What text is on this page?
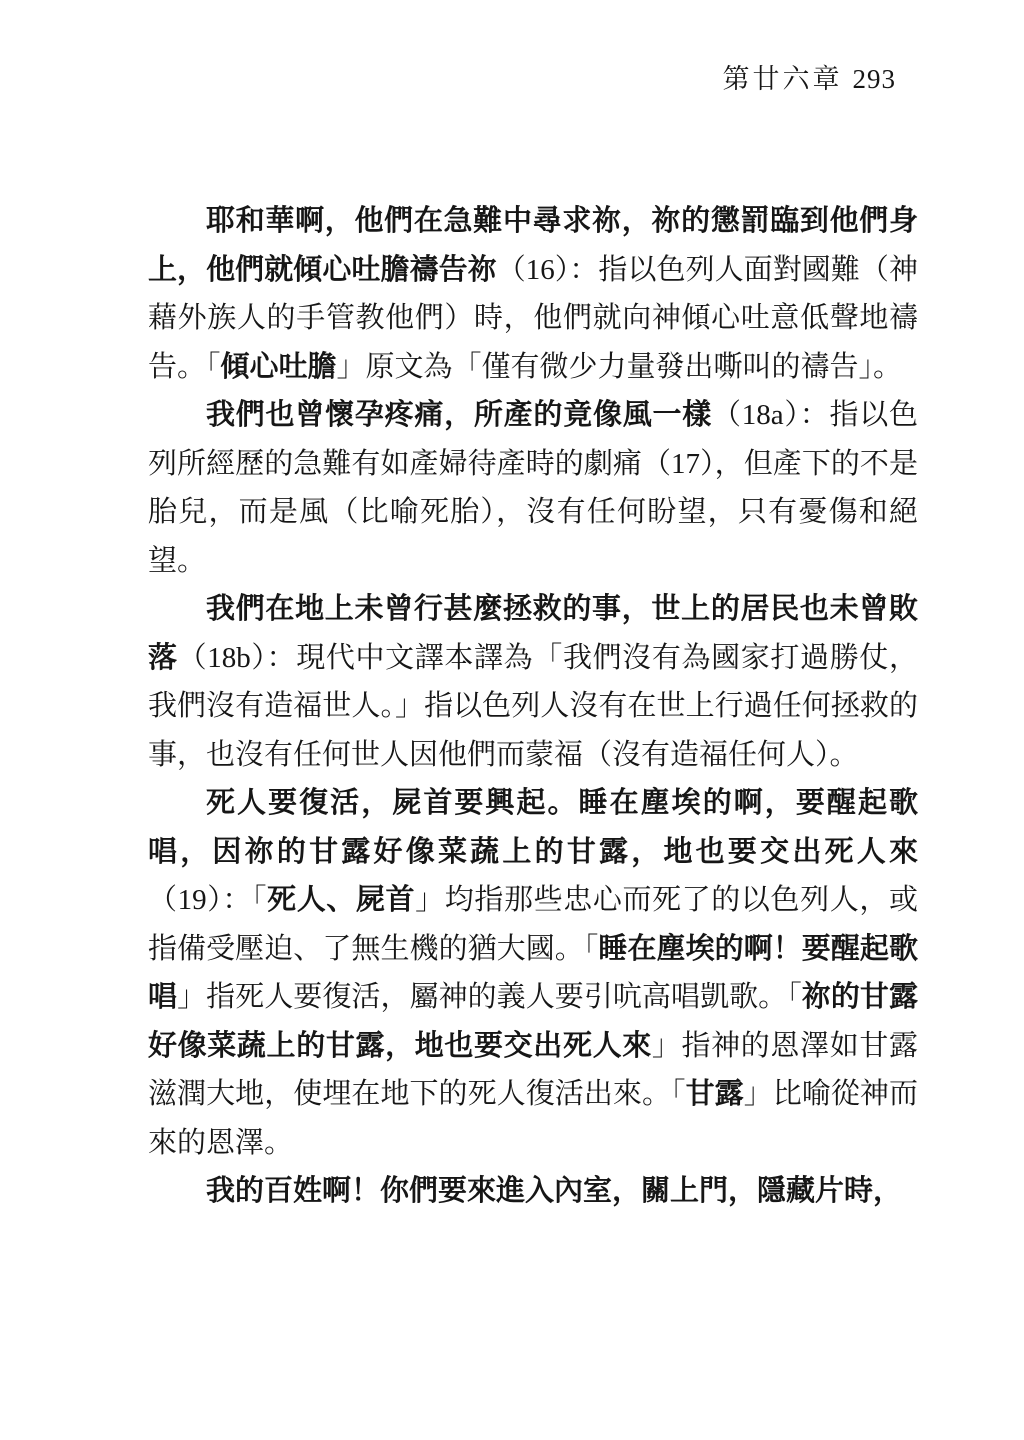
第廿六章 293

耶和華啊，他們在急難中尋求祢，祢的懲罰臨到他們身上，他們就傾心吐膽禱告祢（16）：指以色列人面對國難（神藉外族人的手管教他們）時，他們就向神傾心吐意低聲地禱告。「傾心吐膽」原文為「僅有微少力量發出嘶叫的禱告」。

我們也曾懷孕疼痛，所產的竟像風一樣（18a）：指以色列所經歷的急難有如產婦待產時的劇痛（17），但產下的不是胎兒，而是風（比喻死胎），沒有任何盼望，只有憂傷和絕望。

我們在地上未曾行甚麼拯救的事，世上的居民也未曾敗落（18b）：現代中文譯本譯為「我們沒有為國家打過勝仗，我們沒有造福世人。」指以色列人沒有在世上行過任何拯救的事，也沒有任何世人因他們而蒙福（沒有造福任何人）。

死人要復活，屍首要興起。睡在塵埃的啊，要醒起歌唱，因祢的甘露好像菜蔬上的甘露，地也要交出死人來（19）：「死人、屍首」均指那些忠心而死了的以色列人，或指備受壓迫、了無生機的猶大國。「睡在塵埃的啊！要醒起歌唱」指死人要復活，屬神的義人要引吭高唱凱歌。「祢的甘露好像菜蔬上的甘露，地也要交出死人來」指神的恩澤如甘露滋潤大地，使埋在地下的死人復活出來。「甘露」比喻從神而來的恩澤。

我的百姓啊！你們要來進入內室，關上門，隱藏片時，
